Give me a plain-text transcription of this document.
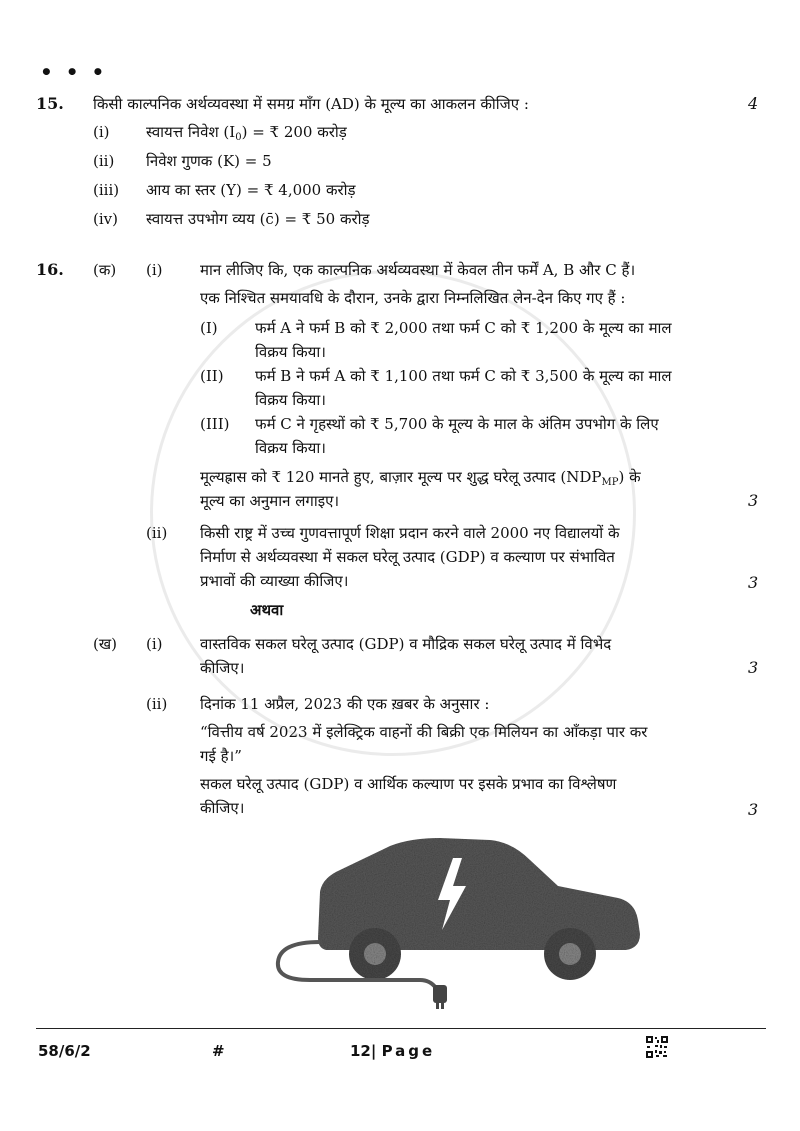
• • •
15. किसी काल्पनिक अर्थव्यवस्था में समग्र माँग (AD) के मूल्य का आकलन कीजिए :	4
(i) स्वायत्त निवेश $(I_0)$ = ₹ 200 करोड़
(ii) निवेश गुणक (K) = 5
(iii) आय का स्तर (Y) = ₹ 4,000 करोड़
(iv) स्वायत्त उपभोग व्यय (c̄) = ₹ 50 करोड़
16. (क) (i) मान लीजिए कि, एक काल्पनिक अर्थव्यवस्था में केवल तीन फर्में A, B और C हैं।
एक निश्चित समयावधि के दौरान, उनके द्वारा निम्नलिखित लेन-देन किए गए हैं :
(I) फर्म A ने फर्म B को ₹ 2,000 तथा फर्म C को ₹ 1,200 के मूल्य का माल
विक्रय किया।
(II) फर्म B ने फर्म A को ₹ 1,100 तथा फर्म C को ₹ 3,500 के मूल्य का माल
विक्रय किया।
(III) फर्म C ने गृहस्थों को ₹ 5,700 के मूल्य के माल के अंतिम उपभोग के लिए
विक्रय किया।
मूल्यह्रास को ₹ 120 मानते हुए, बाज़ार मूल्य पर शुद्ध घरेलू उत्पाद $(NDP_{MP})$ के
मूल्य का अनुमान लगाइए।	3
(ii) किसी राष्ट्र में उच्च गुणवत्तापूर्ण शिक्षा प्रदान करने वाले 2000 नए विद्यालयों के
निर्माण से अर्थव्यवस्था में सकल घरेलू उत्पाद (GDP) व कल्याण पर संभावित
प्रभावों की व्याख्या कीजिए।	3
अथवा
(ख) (i) वास्तविक सकल घरेलू उत्पाद (GDP) व मौद्रिक सकल घरेलू उत्पाद में विभेद
कीजिए।	3
(ii) दिनांक 11 अप्रैल, 2023 की एक ख़बर के अनुसार :
“वित्तीय वर्ष 2023 में इलेक्ट्रिक वाहनों की बिक्री एक मिलियन का आँकड़ा पार कर
गई है।”
सकल घरेलू उत्पाद (GDP) व आर्थिक कल्याण पर इसके प्रभाव का विश्लेषण
कीजिए।	3
58/6/2	#	12| Page
